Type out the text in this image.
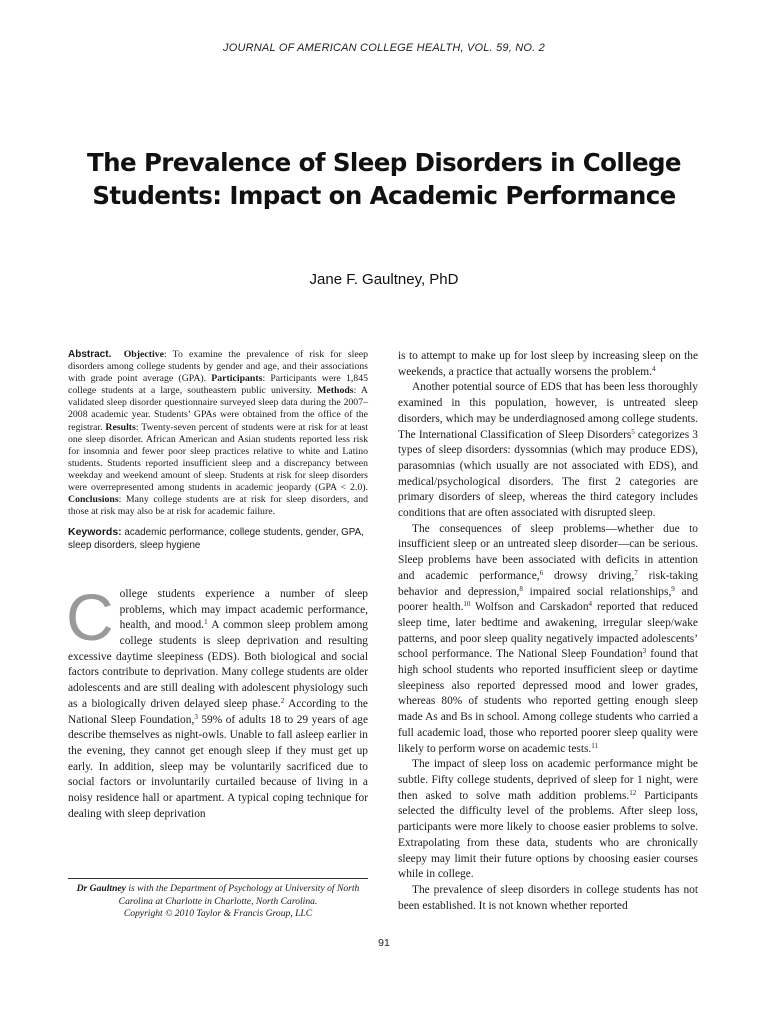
JOURNAL OF AMERICAN COLLEGE HEALTH, VOL. 59, NO. 2
The Prevalence of Sleep Disorders in College
Students: Impact on Academic Performance
Jane F. Gaultney, PhD
Abstract. Objective: To examine the prevalence of risk for sleep disorders among college students by gender and age, and their associations with grade point average (GPA). Participants: Participants were 1,845 college students at a large, southeastern public university. Methods: A validated sleep disorder questionnaire surveyed sleep data during the 2007–2008 academic year. Students’ GPAs were obtained from the office of the registrar. Results: Twenty-seven percent of students were at risk for at least one sleep disorder. African American and Asian students reported less risk for insomnia and fewer poor sleep practices relative to white and Latino students. Students reported insufficient sleep and a discrepancy between weekday and weekend amount of sleep. Students at risk for sleep disorders were overrepresented among students in academic jeopardy (GPA < 2.0). Conclusions: Many college students are at risk for sleep disorders, and those at risk may also be at risk for academic failure.
Keywords: academic performance, college students, gender, GPA, sleep disorders, sleep hygiene
College students experience a number of sleep problems, which may impact academic performance, health, and mood.$^1$ A common sleep problem among college students is sleep deprivation and resulting excessive daytime sleepiness (EDS). Both biological and social factors contribute to deprivation. Many college students are older adolescents and are still dealing with adolescent physiology such as a biologically driven delayed sleep phase.$^2$ According to the National Sleep Foundation,$^3$ 59% of adults 18 to 29 years of age describe themselves as night-owls. Unable to fall asleep earlier in the evening, they cannot get enough sleep if they must get up early. In addition, sleep may be voluntarily sacrificed due to social factors or involuntarily curtailed because of living in a noisy residence hall or apartment. A typical coping technique for dealing with sleep deprivation
Dr Gaultney is with the Department of Psychology at University of North Carolina at Charlotte in Charlotte, North Carolina.
Copyright © 2010 Taylor & Francis Group, LLC

is to attempt to make up for lost sleep by increasing sleep on the weekends, a practice that actually worsens the problem.$^4$

Another potential source of EDS that has been less thoroughly examined in this population, however, is untreated sleep disorders, which may be underdiagnosed among college students. The International Classification of Sleep Disorders$^5$ categorizes 3 types of sleep disorders: dyssomnias (which may produce EDS), parasomnias (which usually are not associated with EDS), and medical/psychological disorders. The first 2 categories are primary disorders of sleep, whereas the third category includes conditions that are often associated with disrupted sleep.

The consequences of sleep problems—whether due to insufficient sleep or an untreated sleep disorder—can be serious. Sleep problems have been associated with deficits in attention and academic performance,$^6$ drowsy driving,$^7$ risk-taking behavior and depression,$^8$ impaired social relationships,$^9$ and poorer health.$^{10}$ Wolfson and Carskadon$^4$ reported that reduced sleep time, later bedtime and awakening, irregular sleep/wake patterns, and poor sleep quality negatively impacted adolescents’ school performance. The National Sleep Foundation$^3$ found that high school students who reported insufficient sleep or daytime sleepiness also reported depressed mood and lower grades, whereas 80% of students who reported getting enough sleep made As and Bs in school. Among college students who carried a full academic load, those who reported poorer sleep quality were likely to perform worse on academic tests.$^{11}$

The impact of sleep loss on academic performance might be subtle. Fifty college students, deprived of sleep for 1 night, were then asked to solve math addition problems.$^{12}$ Participants selected the difficulty level of the problems. After sleep loss, participants were more likely to choose easier problems to solve. Extrapolating from these data, students who are chronically sleepy may limit their future options by choosing easier courses while in college.

The prevalence of sleep disorders in college students has not been established. It is not known whether reported

91
